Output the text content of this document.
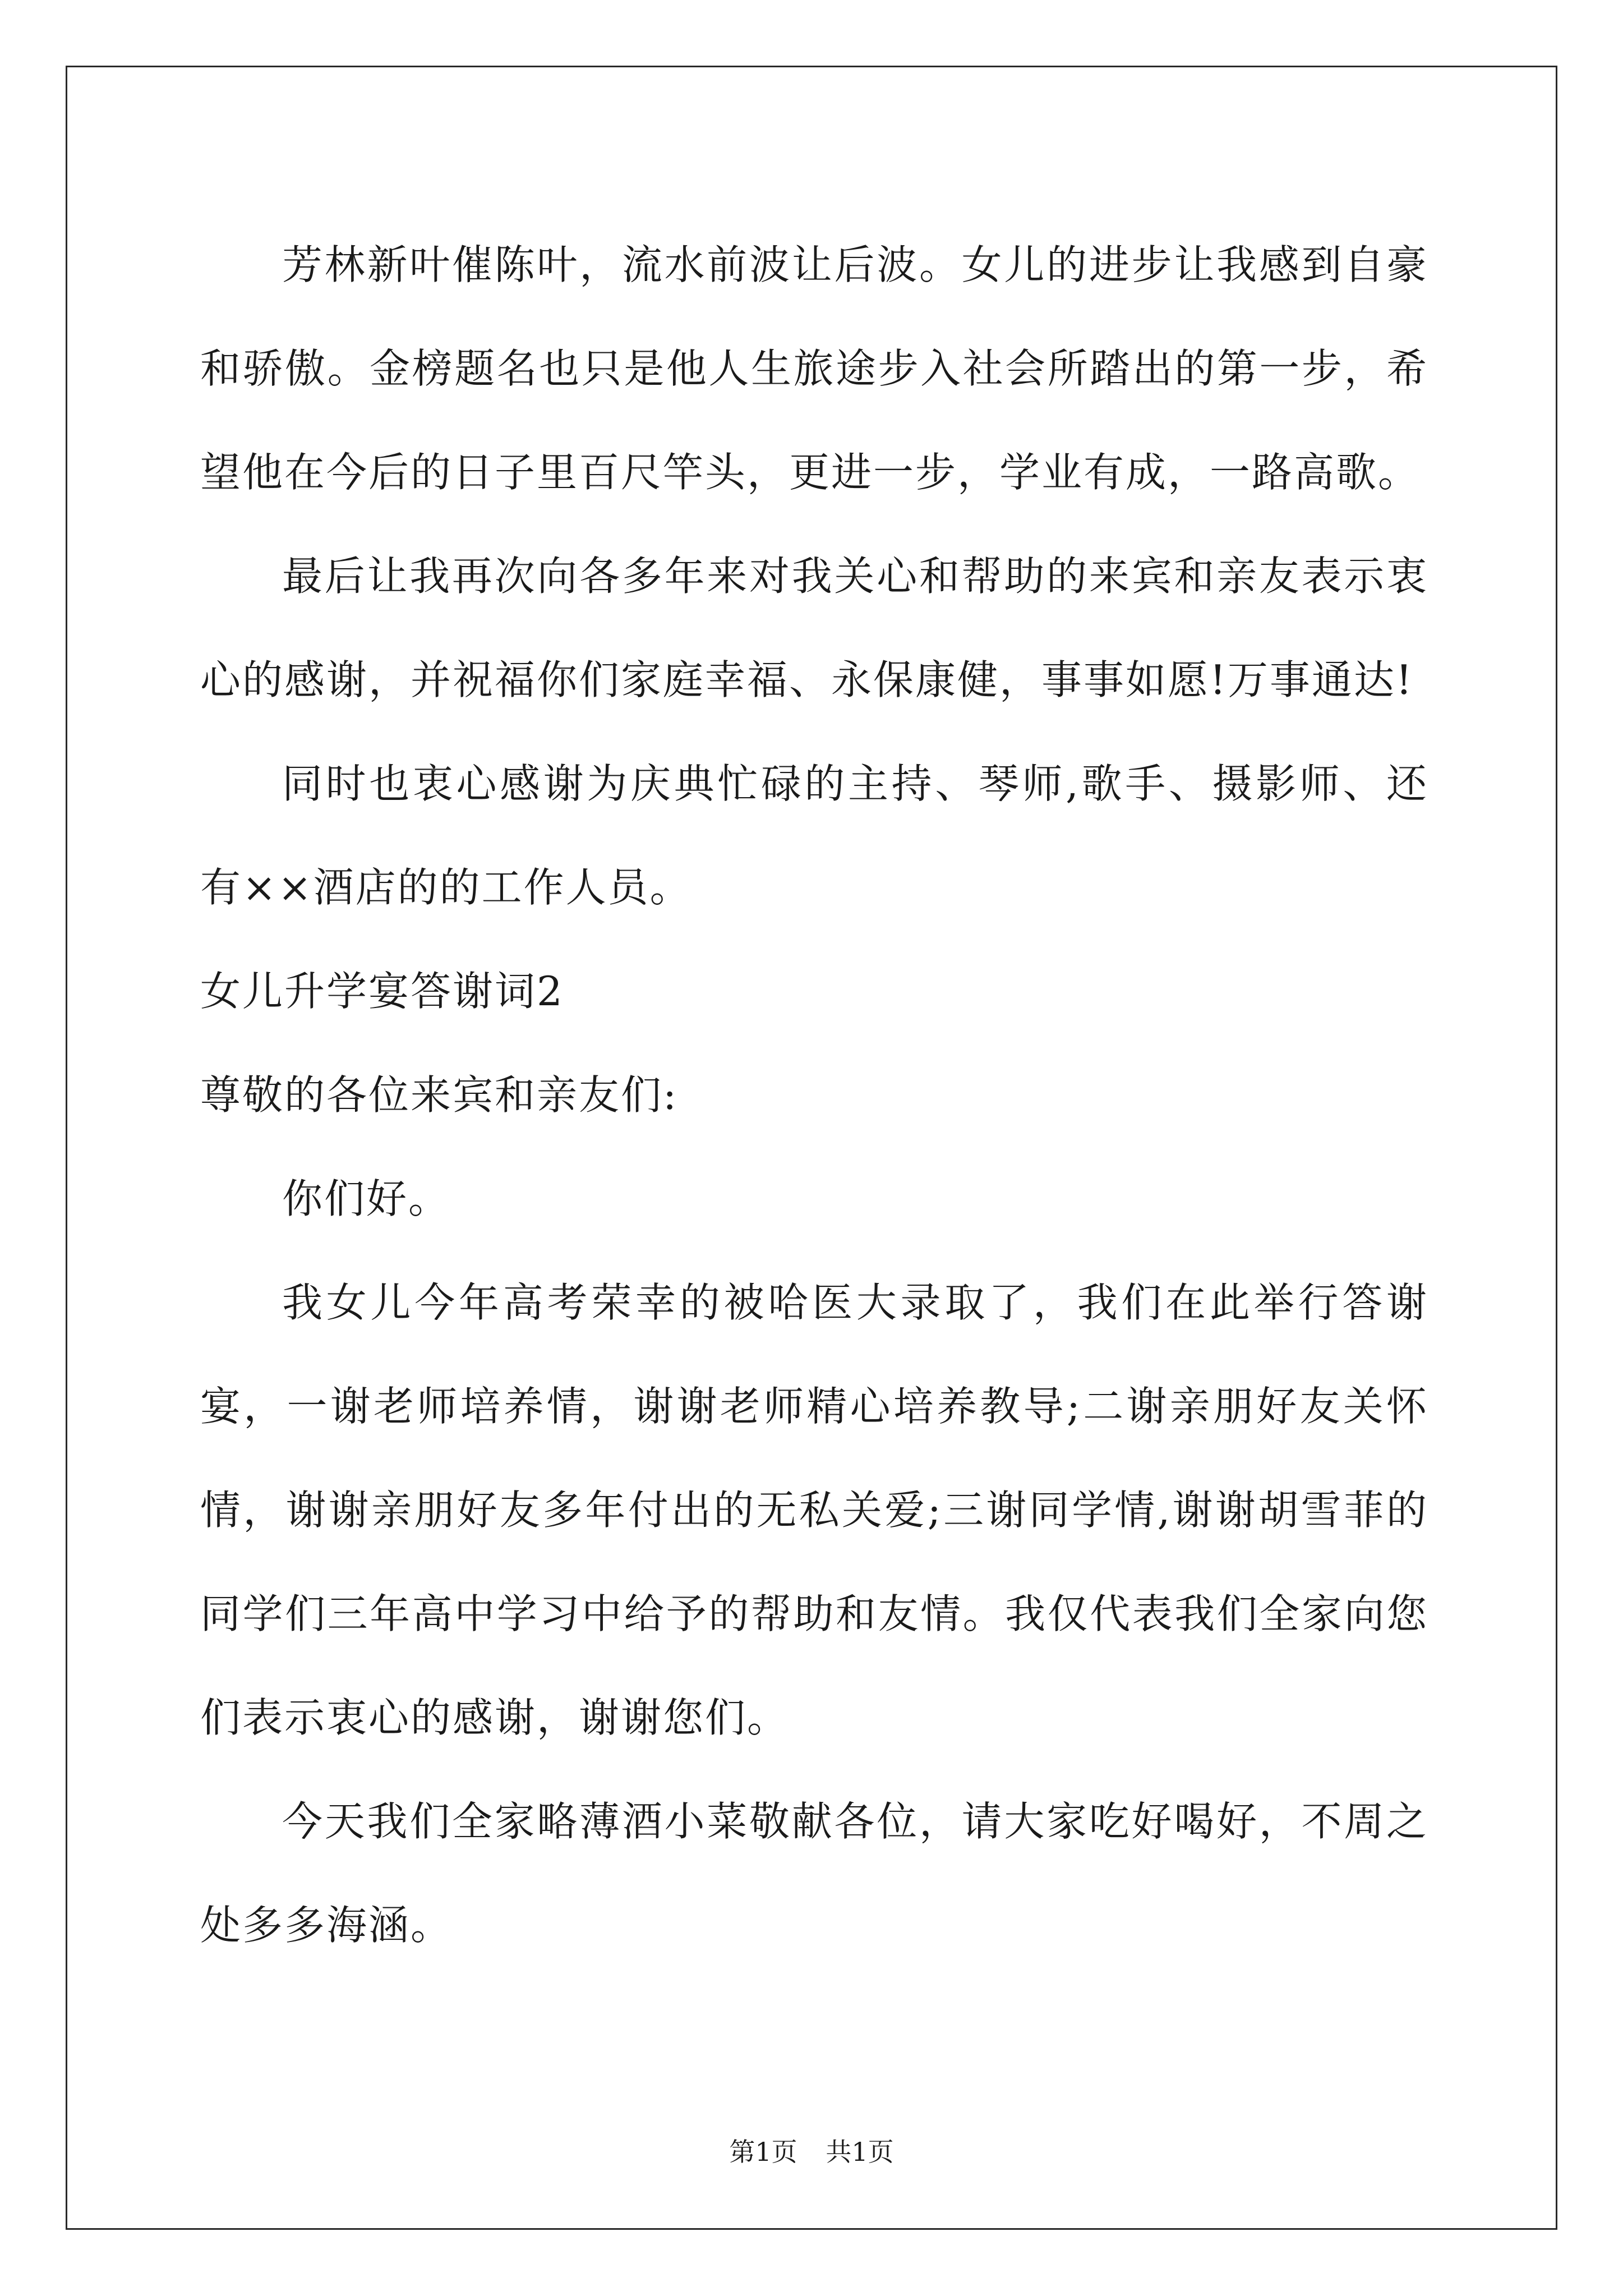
芳林新叶催陈叶，流水前波让后波。女儿的进步让我感到自豪和骄傲。金榜题名也只是他人生旅途步入社会所踏出的第一步，希望他在今后的日子里百尺竿头，更进一步，学业有成，一路高歌。

最后让我再次向各多年来对我关心和帮助的来宾和亲友表示衷心的感谢，并祝福你们家庭幸福、永保康健，事事如愿!万事通达!

同时也衷心感谢为庆典忙碌的主持、琴师,歌手、摄影师、还有××酒店的的工作人员。

女儿升学宴答谢词2

尊敬的各位来宾和亲友们:

你们好。

我女儿今年高考荣幸的被哈医大录取了，我们在此举行答谢宴，一谢老师培养情，谢谢老师精心培养教导;二谢亲朋好友关怀情，谢谢亲朋好友多年付出的无私关爱;三谢同学情,谢谢胡雪菲的同学们三年高中学习中给予的帮助和友情。我仅代表我们全家向您们表示衷心的感谢，谢谢您们。

今天我们全家略薄酒小菜敬献各位，请大家吃好喝好，不周之处多多海涵。

第1页 共1页
